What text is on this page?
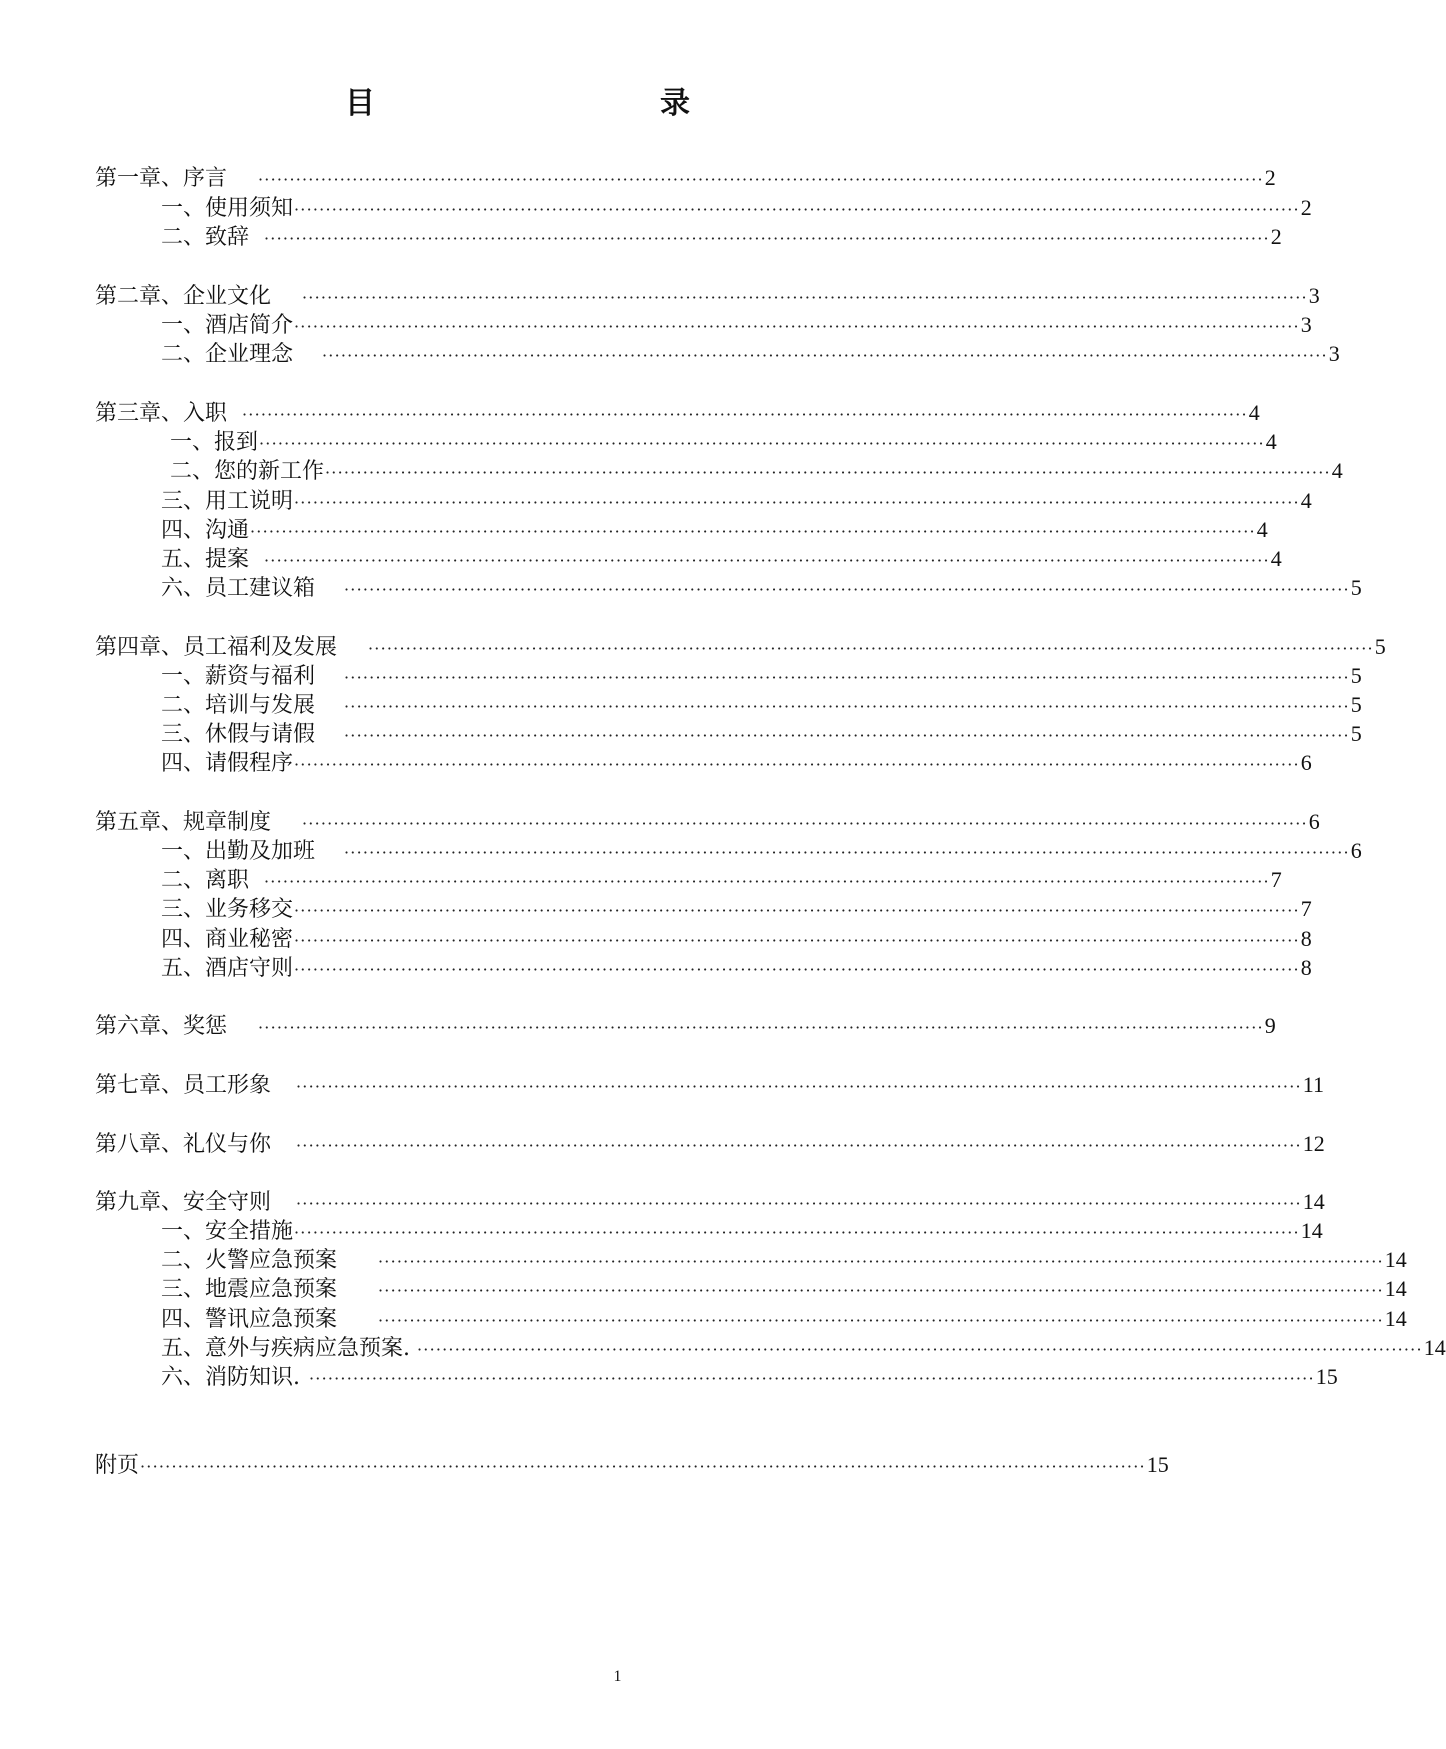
目	录
第一章、序言 ································································································································································ 2
一、使用须知 ································································································································································ 2
二、致辞 ································································································································································ 2
第二章、企业文化 ································································································································································ 3
一、酒店简介 ································································································································································ 3
二、企业理念 ································································································································································ 3
第三章、入职 ································································································································································ 4
一、报到 ································································································································································ 4
二、您的新工作 ································································································································································ 4
三、用工说明 ································································································································································ 4
四、沟通 ································································································································································ 4
五、提案 ································································································································································ 4
六、员工建议箱 ································································································································································ 5
第四章、员工福利及发展 ································································································································································ 5
一、薪资与福利 ································································································································································ 5
二、培训与发展 ································································································································································ 5
三、休假与请假 ································································································································································ 5
四、请假程序 ································································································································································ 6
第五章、规章制度 ································································································································································ 6
一、出勤及加班 ································································································································································ 6
二、离职 ································································································································································ 7
三、业务移交 ································································································································································ 7
四、商业秘密 ································································································································································ 8
五、酒店守则 ································································································································································ 8
第六章、奖惩 ································································································································································ 9
第七章、员工形象 ································································································································································ 11
第八章、礼仪与你 ································································································································································ 12
第九章、安全守则 ································································································································································ 14
一、安全措施 ································································································································································ 14
二、火警应急预案	································································································································································ 14
三、地震应急预案	································································································································································ 14
四、警讯应急预案	································································································································································ 14
五、意外与疾病应急预案. ································································································································································ 14
六、消防知识. ································································································································································ 15
附页 ································································································································································ 15
1
